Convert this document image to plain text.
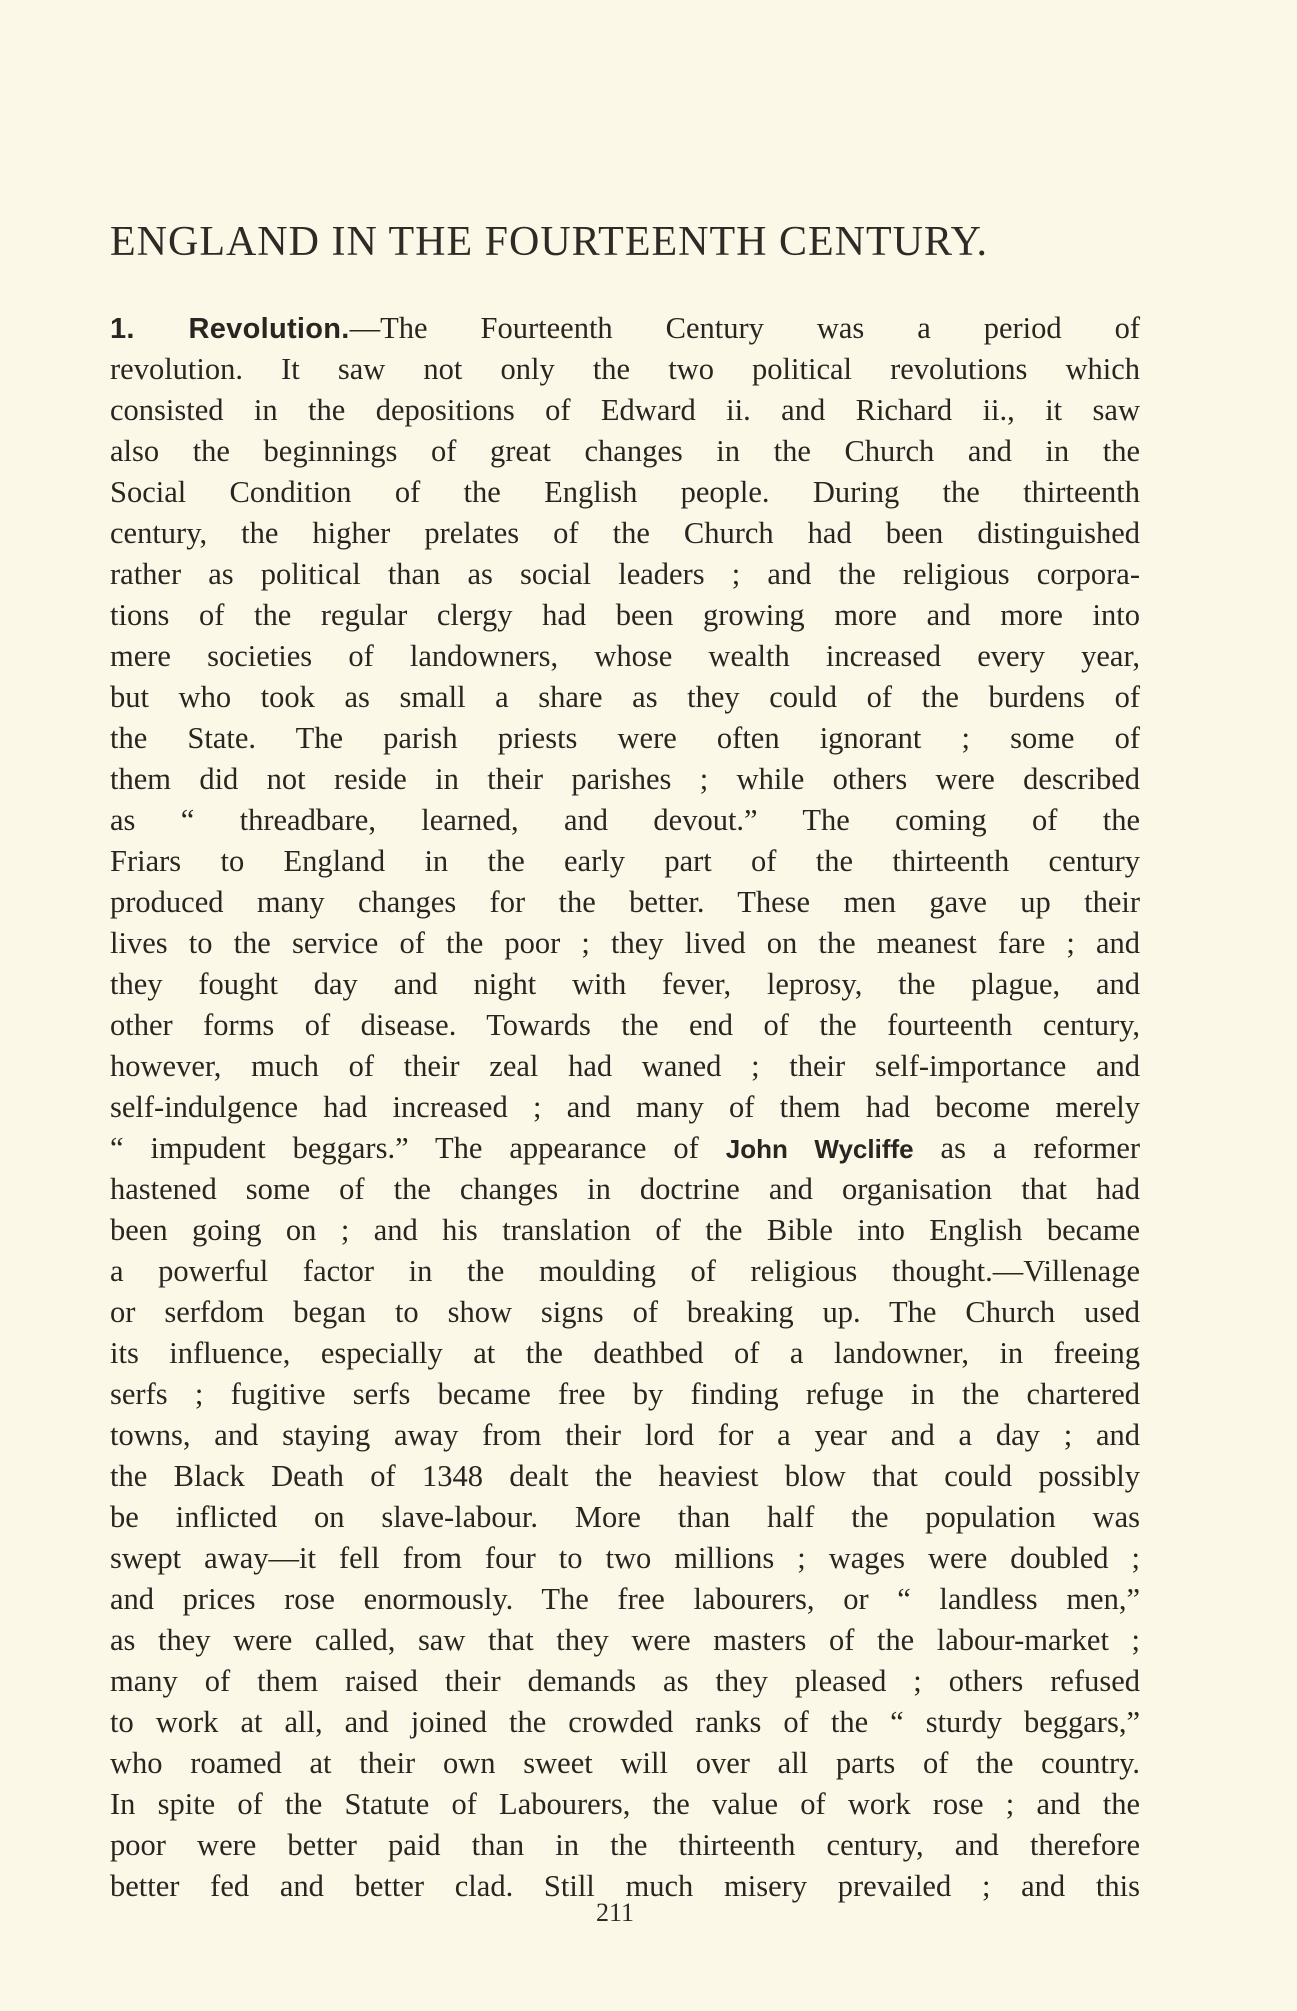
ENGLAND IN THE FOURTEENTH CENTURY.
1. Revolution.—The Fourteenth Century was a period of
revolution. It saw not only the two political revolutions which
consisted in the depositions of Edward ii. and Richard ii., it saw
also the beginnings of great changes in the Church and in the
Social Condition of the English people. During the thirteenth
century, the higher prelates of the Church had been distinguished
rather as political than as social leaders ; and the religious corpora-
tions of the regular clergy had been growing more and more into
mere societies of landowners, whose wealth increased every year,
but who took as small a share as they could of the burdens of
the State. The parish priests were often ignorant ; some of
them did not reside in their parishes ; while others were described
as “ threadbare, learned, and devout.” The coming of the
Friars to England in the early part of the thirteenth century
produced many changes for the better. These men gave up their
lives to the service of the poor ; they lived on the meanest fare ; and
they fought day and night with fever, leprosy, the plague, and
other forms of disease. Towards the end of the fourteenth century,
however, much of their zeal had waned ; their self-importance and
self-indulgence had increased ; and many of them had become merely
“ impudent beggars.” The appearance of John Wycliffe as a reformer
hastened some of the changes in doctrine and organisation that had
been going on ; and his translation of the Bible into English became
a powerful factor in the moulding of religious thought.—Villenage
or serfdom began to show signs of breaking up. The Church used
its influence, especially at the deathbed of a landowner, in freeing
serfs ; fugitive serfs became free by finding refuge in the chartered
towns, and staying away from their lord for a year and a day ; and
the Black Death of 1348 dealt the heaviest blow that could possibly
be inflicted on slave-labour. More than half the population was
swept away—it fell from four to two millions ; wages were doubled ;
and prices rose enormously. The free labourers, or “ landless men,”
as they were called, saw that they were masters of the labour-market ;
many of them raised their demands as they pleased ; others refused
to work at all, and joined the crowded ranks of the “ sturdy beggars,”
who roamed at their own sweet will over all parts of the country.
In spite of the Statute of Labourers, the value of work rose ; and the
poor were better paid than in the thirteenth century, and therefore
better fed and better clad. Still much misery prevailed ; and this
211
